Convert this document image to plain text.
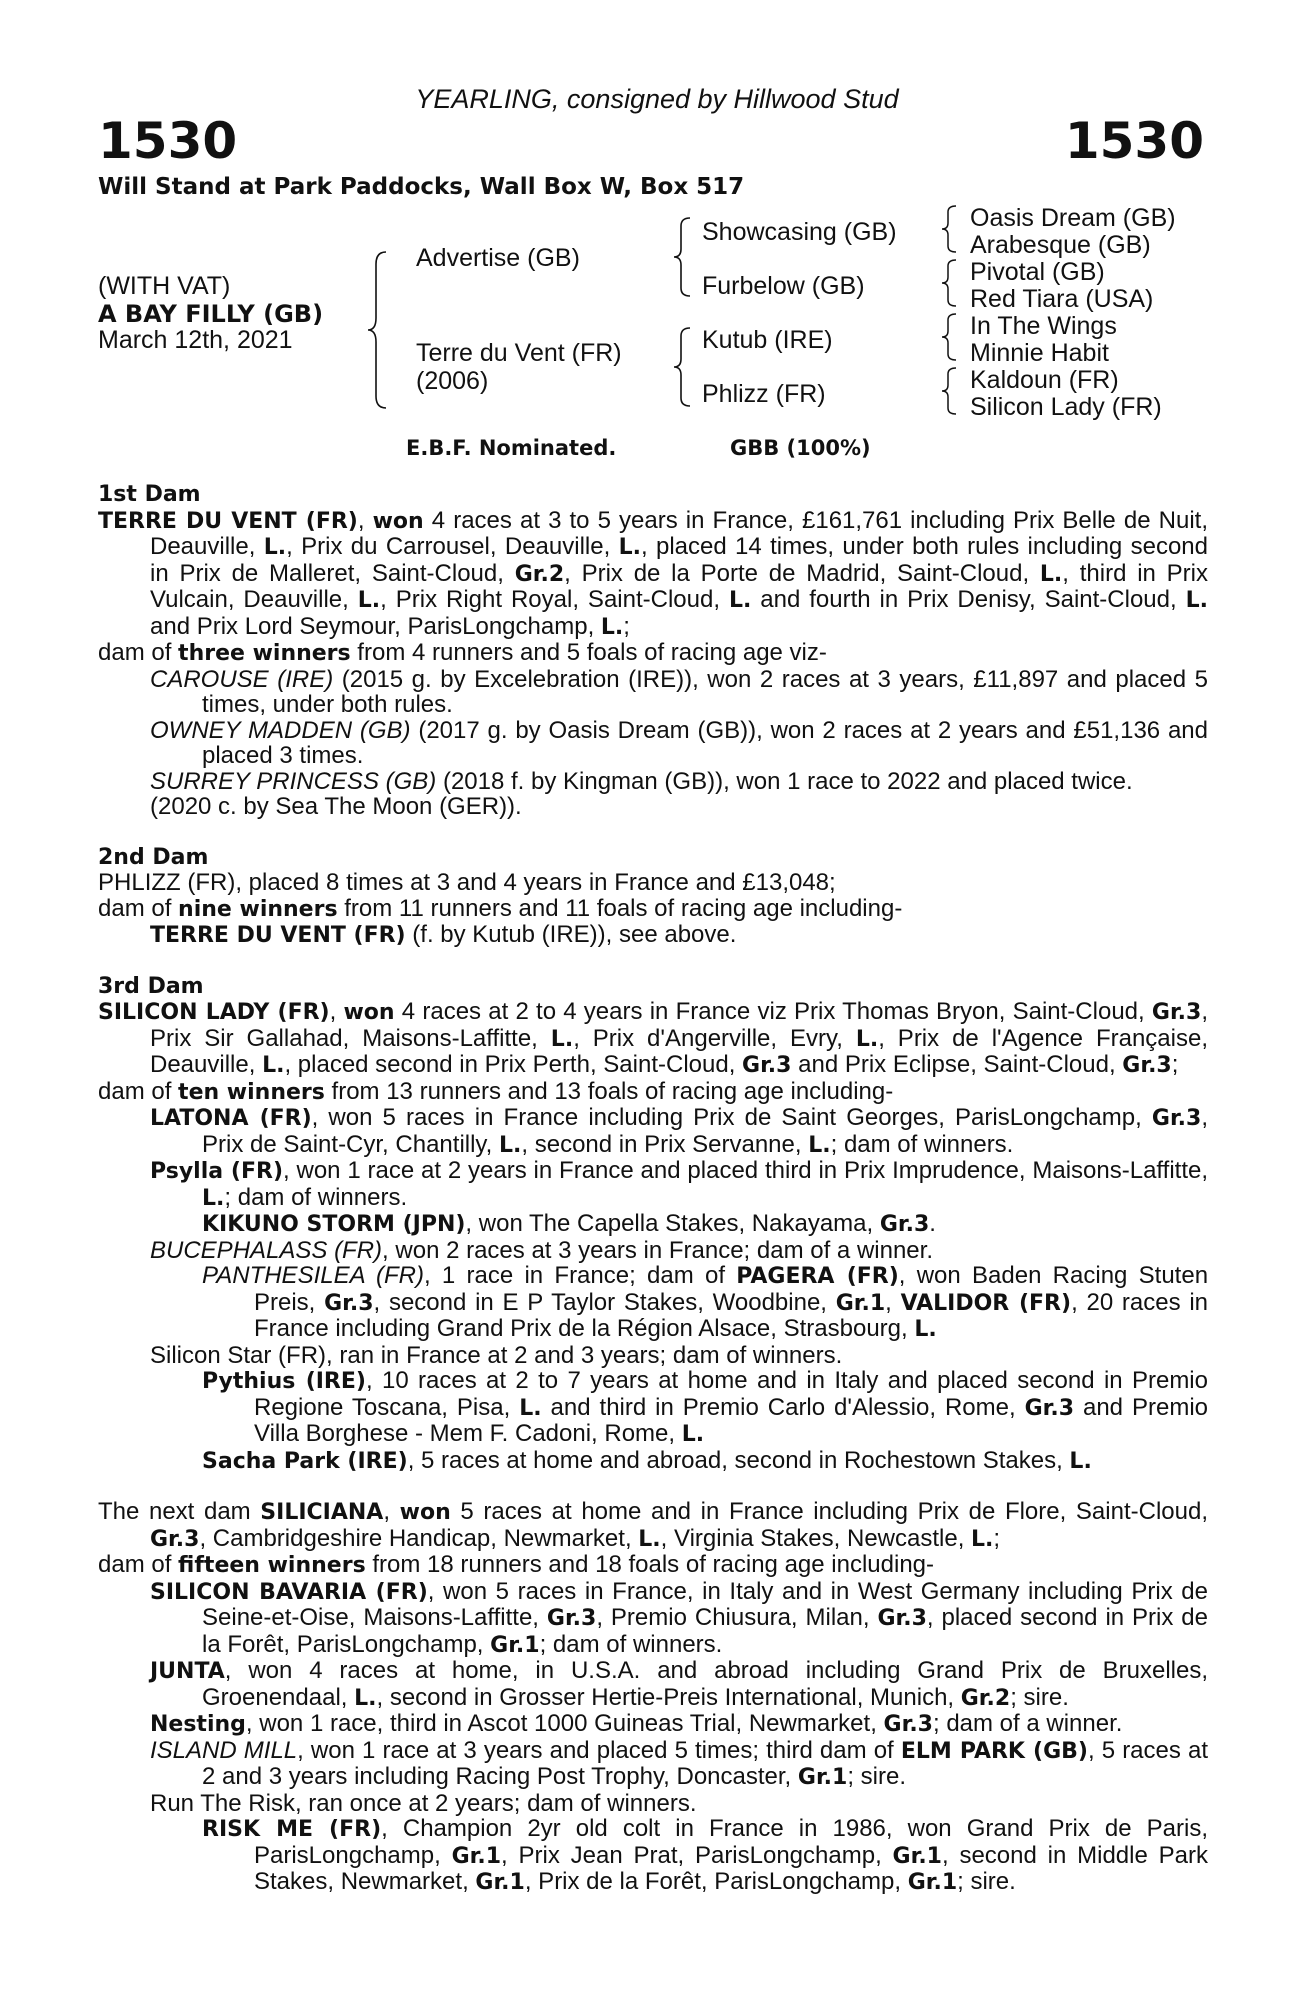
YEARLING, consigned by Hillwood Stud
1530	1530
Will Stand at Park Paddocks, Wall Box W, Box 517
(WITH VAT)
A BAY FILLY (GB)
March 12th, 2021
Advertise (GB)
Terre du Vent (FR)
(2006)
Showcasing (GB)
Furbelow (GB)
Kutub (IRE)
Phlizz (FR)
Oasis Dream (GB)
Arabesque (GB)
Pivotal (GB)
Red Tiara (USA)
In The Wings
Minnie Habit
Kaldoun (FR)
Silicon Lady (FR)
E.B.F. Nominated.	GBB (100%)

1st Dam

TERRE DU VENT (FR), won 4 races at 3 to 5 years in France, £161,761 including Prix Belle de Nuit, Deauville, L., Prix du Carrousel, Deauville, L., placed 14 times, under both rules including second in Prix de Malleret, Saint-Cloud, Gr.2, Prix de la Porte de Madrid, Saint-Cloud, L., third in Prix Vulcain, Deauville, L., Prix Right Royal, Saint-Cloud, L. and fourth in Prix Denisy, Saint-Cloud, L. and Prix Lord Seymour, ParisLongchamp, L.;

dam of three winners from 4 runners and 5 foals of racing age viz-

CAROUSE (IRE) (2015 g. by Excelebration (IRE)), won 2 races at 3 years, £11,897 and placed 5 times, under both rules.

OWNEY MADDEN (GB) (2017 g. by Oasis Dream (GB)), won 2 races at 2 years and £51,136 and placed 3 times.

SURREY PRINCESS (GB) (2018 f. by Kingman (GB)), won 1 race to 2022 and placed twice.

(2020 c. by Sea The Moon (GER)).

2nd Dam

PHLIZZ (FR), placed 8 times at 3 and 4 years in France and £13,048;

dam of nine winners from 11 runners and 11 foals of racing age including-

TERRE DU VENT (FR) (f. by Kutub (IRE)), see above.

3rd Dam

SILICON LADY (FR), won 4 races at 2 to 4 years in France viz Prix Thomas Bryon, Saint-Cloud, Gr.3, Prix Sir Gallahad, Maisons-Laffitte, L., Prix d'Angerville, Evry, L., Prix de l'Agence Française, Deauville, L., placed second in Prix Perth, Saint-Cloud, Gr.3 and Prix Eclipse, Saint-Cloud, Gr.3;

dam of ten winners from 13 runners and 13 foals of racing age including-

LATONA (FR), won 5 races in France including Prix de Saint Georges, ParisLongchamp, Gr.3, Prix de Saint-Cyr, Chantilly, L., second in Prix Servanne, L.; dam of winners.

Psylla (FR), won 1 race at 2 years in France and placed third in Prix Imprudence, Maisons-Laffitte, L.; dam of winners.

KIKUNO STORM (JPN), won The Capella Stakes, Nakayama, Gr.3.

BUCEPHALASS (FR), won 2 races at 3 years in France; dam of a winner.

PANTHESILEA (FR), 1 race in France; dam of PAGERA (FR), won Baden Racing Stuten Preis, Gr.3, second in E P Taylor Stakes, Woodbine, Gr.1, VALIDOR (FR), 20 races in France including Grand Prix de la Région Alsace, Strasbourg, L.

Silicon Star (FR), ran in France at 2 and 3 years; dam of winners.

Pythius (IRE), 10 races at 2 to 7 years at home and in Italy and placed second in Premio Regione Toscana, Pisa, L. and third in Premio Carlo d'Alessio, Rome, Gr.3 and Premio Villa Borghese - Mem F. Cadoni, Rome, L.

Sacha Park (IRE), 5 races at home and abroad, second in Rochestown Stakes, L.

The next dam SILICIANA, won 5 races at home and in France including Prix de Flore, Saint-Cloud, Gr.3, Cambridgeshire Handicap, Newmarket, L., Virginia Stakes, Newcastle, L.;

dam of fifteen winners from 18 runners and 18 foals of racing age including-

SILICON BAVARIA (FR), won 5 races in France, in Italy and in West Germany including Prix de Seine-et-Oise, Maisons-Laffitte, Gr.3, Premio Chiusura, Milan, Gr.3, placed second in Prix de la Forêt, ParisLongchamp, Gr.1; dam of winners.

JUNTA, won 4 races at home, in U.S.A. and abroad including Grand Prix de Bruxelles, Groenendaal, L., second in Grosser Hertie-Preis International, Munich, Gr.2; sire.

Nesting, won 1 race, third in Ascot 1000 Guineas Trial, Newmarket, Gr.3; dam of a winner.

ISLAND MILL, won 1 race at 3 years and placed 5 times; third dam of ELM PARK (GB), 5 races at 2 and 3 years including Racing Post Trophy, Doncaster, Gr.1; sire.

Run The Risk, ran once at 2 years; dam of winners.

RISK ME (FR), Champion 2yr old colt in France in 1986, won Grand Prix de Paris, ParisLongchamp, Gr.1, Prix Jean Prat, ParisLongchamp, Gr.1, second in Middle Park Stakes, Newmarket, Gr.1, Prix de la Forêt, ParisLongchamp, Gr.1; sire.
